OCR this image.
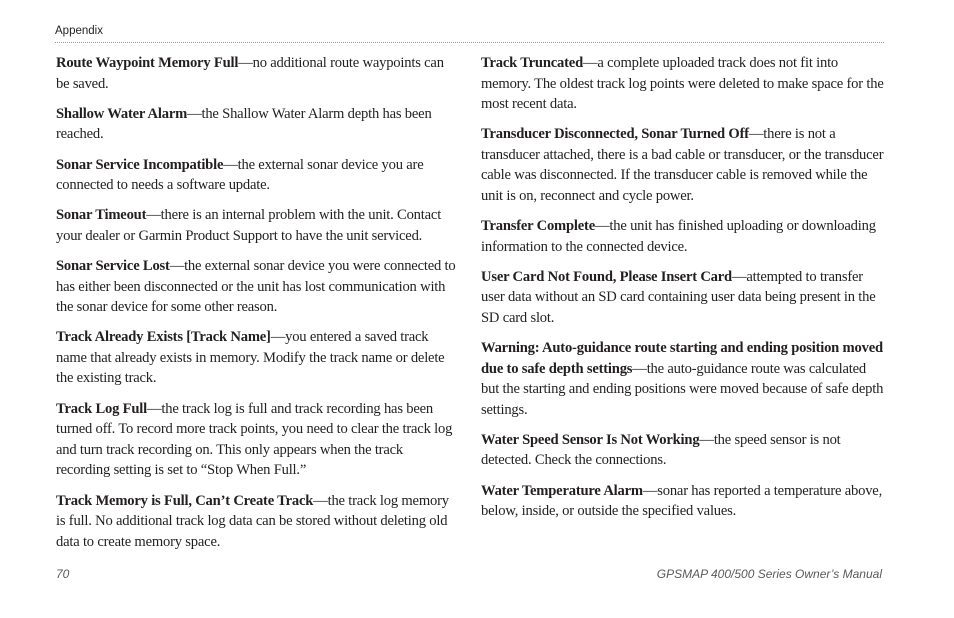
Appendix

Route Waypoint Memory Full—no additional route waypoints can be saved.

Shallow Water Alarm—the Shallow Water Alarm depth has been reached.

Sonar Service Incompatible—the external sonar device you are connected to needs a software update.

Sonar Timeout—there is an internal problem with the unit. Contact your dealer or Garmin Product Support to have the unit serviced.

Sonar Service Lost—the external sonar device you were connected to has either been disconnected or the unit has lost communication with the sonar device for some other reason.

Track Already Exists [Track Name]—you entered a saved track name that already exists in memory. Modify the track name or delete the existing track.

Track Log Full—the track log is full and track recording has been turned off. To record more track points, you need to clear the track log and turn track recording on. This only appears when the track recording setting is set to “Stop When Full.”

Track Memory is Full, Can’t Create Track—the track log memory is full. No additional track log data can be stored without deleting old data to create memory space.

Track Truncated—a complete uploaded track does not fit into memory. The oldest track log points were deleted to make space for the most recent data.

Transducer Disconnected, Sonar Turned Off—there is not a transducer attached, there is a bad cable or transducer, or the transducer cable was disconnected. If the transducer cable is removed while the unit is on, reconnect and cycle power.

Transfer Complete—the unit has finished uploading or downloading information to the connected device.

User Card Not Found, Please Insert Card—attempted to transfer user data without an SD card containing user data being present in the SD card slot.

Warning: Auto-guidance route starting and ending position moved due to safe depth settings—the auto-guidance route was calculated but the starting and ending positions were moved because of safe depth settings.

Water Speed Sensor Is Not Working—the speed sensor is not detected. Check the connections.

Water Temperature Alarm—sonar has reported a temperature above, below, inside, or outside the specified values.

70	GPSMAP 400/500 Series Owner’s Manual
